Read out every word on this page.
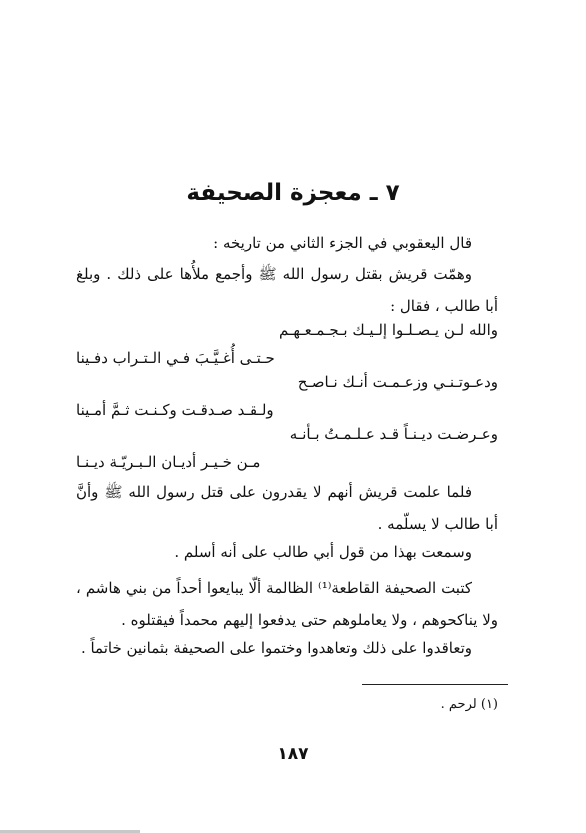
٧ ـ معجزة الصحيفة

قال اليعقوبي في الجزء الثاني من تاريخه :

وهمّت قريش بقتل رسول الله ﷺ وأجمع ملأُها على ذلك . وبلغ أبا طالب ، فقال :

والله لـن يـصـلـوا إلـيـك بـجـمـعـهـم
حـتـى أُغـيَّـبَ فـي الـتـراب دفـينا
ودعـوتـنـي وزعـمـت أنـك نـاصـح
ولـقـد صـدقـت وكـنـت ثـمَّ أمـينا
وعـرضـت ديـنـاً قـد عـلـمـتُ بـأنـه
مـن خـيـر أديـان الـبـريّـة ديـنـا

فلما علمت قريش أنهم لا يقدرون على قتل رسول الله ﷺ وأنَّ أبا طالب لا يسلّمه .

وسمعت بهذا من قول أبي طالب على أنه أسلم .

كتبت الصحيفة القاطعة⁽¹⁾ الظالمة ألّا يبايعوا أحداً من بني هاشم ، ولا يناكحوهم ، ولا يعاملوهم حتى يدفعوا إليهم محمداً فيقتلوه .

وتعاقدوا على ذلك وتعاهدوا وختموا على الصحيفة بثمانين خاتماً .

(١) لرحم .
١٨٧
